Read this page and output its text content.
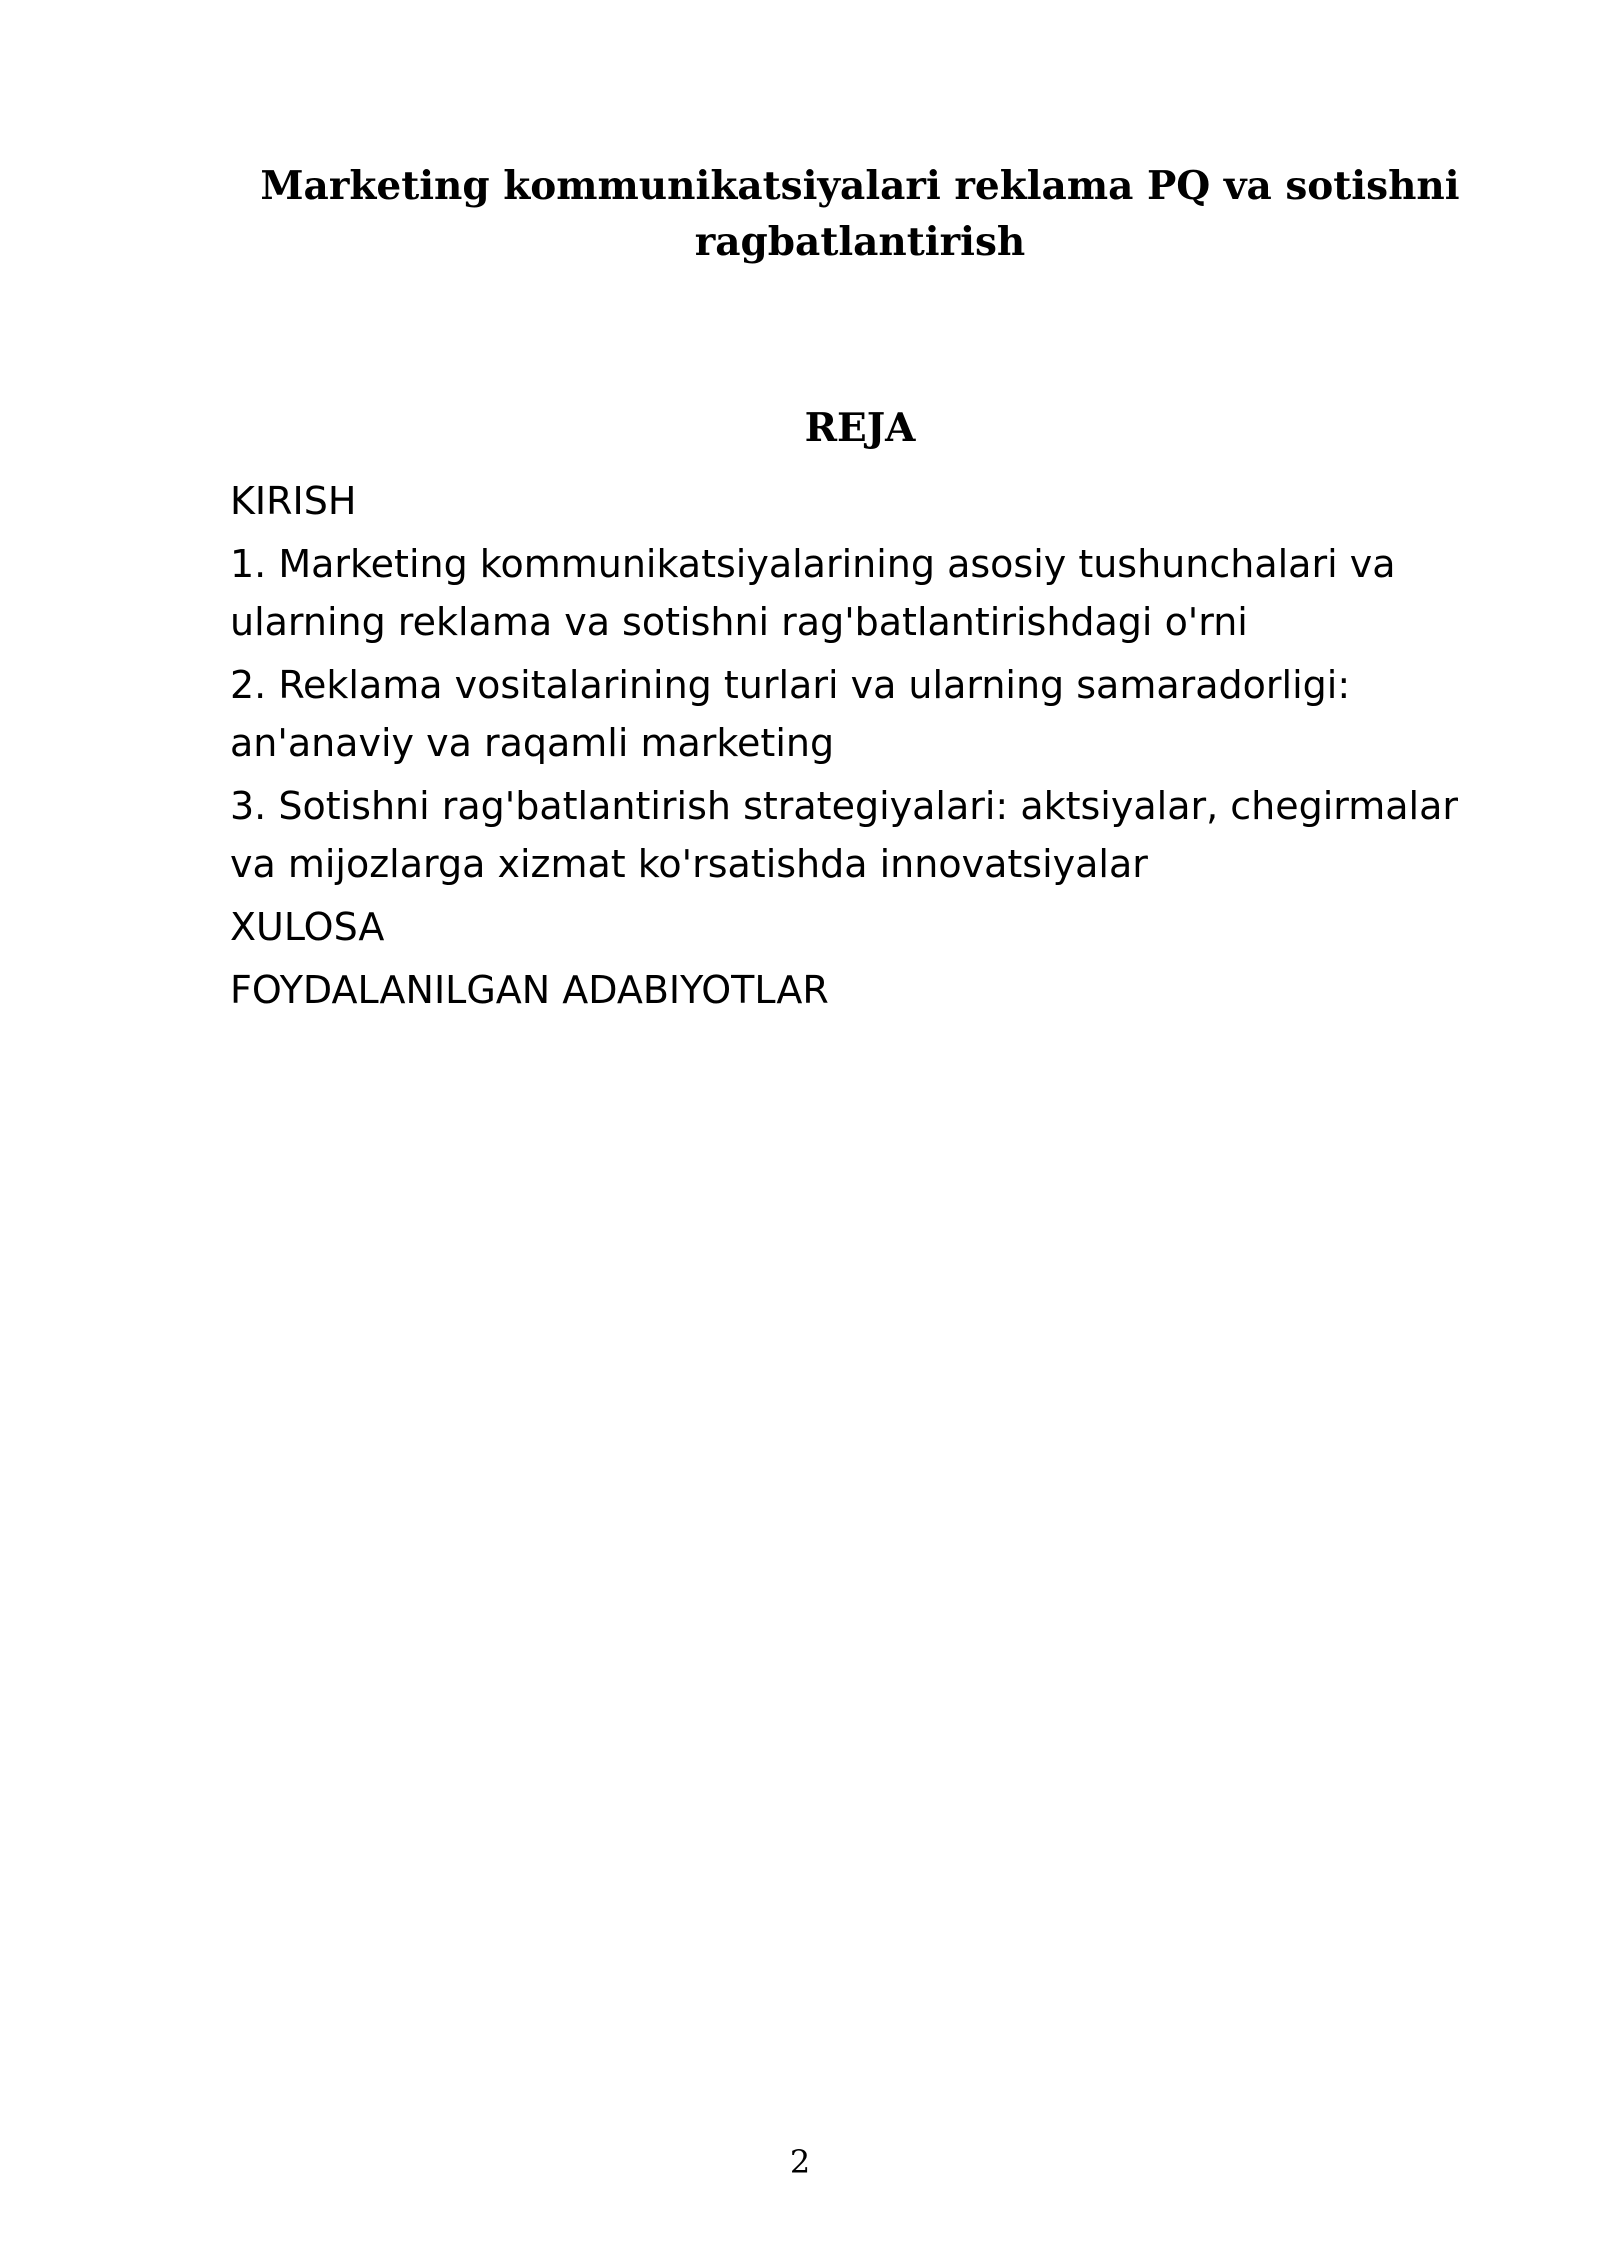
Marketing kommunikatsiyalari reklama PQ va sotishni
ragbatlantirish
REJA
KIRISH
1. Marketing kommunikatsiyalarining asosiy tushunchalari va
ularning reklama va sotishni rag'batlantirishdagi o'rni
2. Reklama vositalarining turlari va ularning samaradorligi:
an'anaviy va raqamli marketing
3. Sotishni rag'batlantirish strategiyalari: aktsiyalar, chegirmalar
va mijozlarga xizmat ko'rsatishda innovatsiyalar
XULOSA
FOYDALANILGAN ADABIYOTLAR
2
